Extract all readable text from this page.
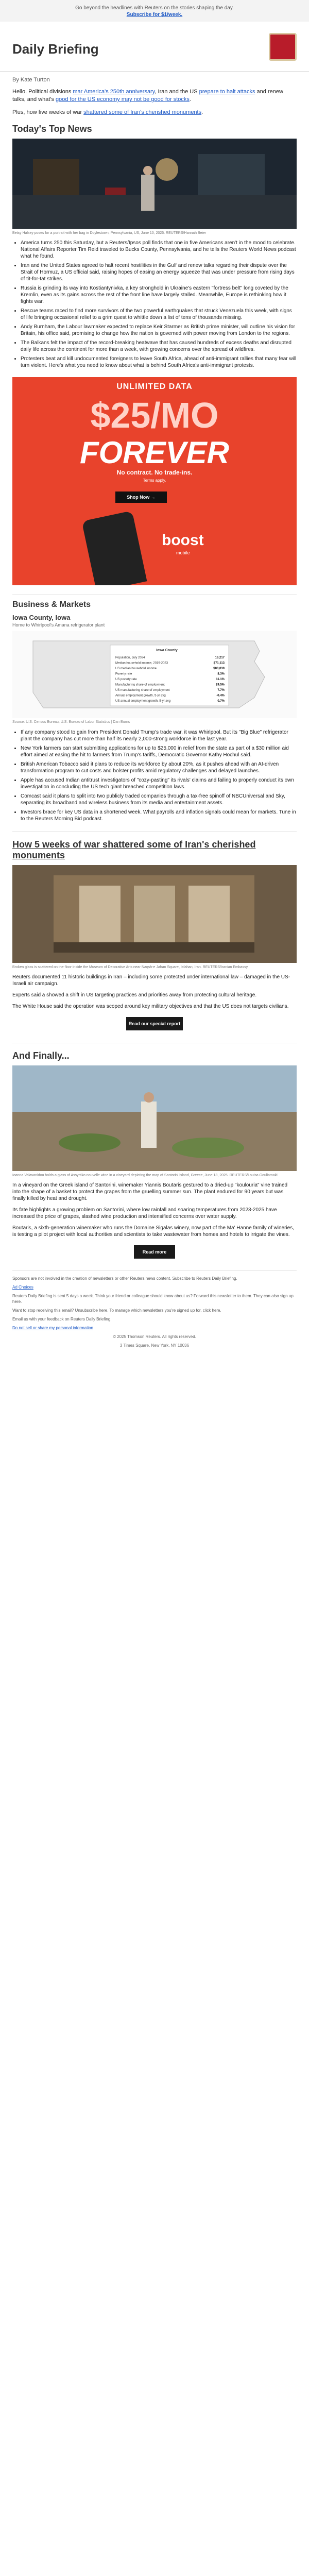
Go beyond the headlines with Reuters on the stories shaping the day.
Subscribe for $1/week.
Daily Briefing
By Kate Turton

Hello. Political divisions mar America's 250th anniversary, Iran and the US prepare to halt attacks and renew talks, and what's good for the US economy may not be good for stocks.

Plus, how five weeks of war shattered some of Iran's cherished monuments.

Today's Top News
Betsy Halsey poses for a portrait with her bag in Doylestown, Pennsylvania, US, June 10, 2025. REUTERS/Hannah Beier
• America turns 250 this Saturday, but a Reuters/Ipsos poll finds that one in five Americans aren't in the mood to celebrate. National Affairs Reporter Tim Reid traveled to Bucks County, Pennsylvania, and he tells the Reuters World News podcast what he found.
• Iran and the United States agreed to halt recent hostilities in the Gulf and renew talks regarding their dispute over the Strait of Hormuz, a US official said, raising hopes of easing an energy squeeze that was under pressure from rising days of tit-for-tat strikes.
• Russia is grinding its way into Kostiantynivka, a key stronghold in Ukraine's eastern "fortress belt" long coveted by the Kremlin, even as its gains across the rest of the front line have largely stalled. Meanwhile, Europe is rethinking how it fights war.
• Rescue teams raced to find more survivors of the two powerful earthquakes that struck Venezuela this week, with signs of life bringing occasional relief to a grim quest to whittle down a list of tens of thousands missing.
• Andy Burnham, the Labour lawmaker expected to replace Keir Starmer as British prime minister, will outline his vision for Britain, his office said, promising to change how the nation is governed with power moving from London to the regions.
• The Balkans felt the impact of the record-breaking heatwave that has caused hundreds of excess deaths and disrupted daily life across the continent for more than a week, with growing concerns over the spread of wildfires.
• Protesters beat and kill undocumented foreigners to leave South Africa, ahead of anti-immigrant rallies that many fear will turn violent. Here's what you need to know about what is behind South Africa's anti-immigrant protests.
UNLIMITED DATA
$25/MO
FOREVER
No contract. No trade-ins.
Terms apply.
Shop Now →
boost
mobile
Business & Markets
Iowa County, Iowa
Home to Whirlpool's Amana refrigerator plant
Iowa County
Population, July 2024	16,217
Median household income, 2019-2023	$71,113
US median household income	$80,030
Poverty rate	8.3%
US poverty rate	11.1%
Manufacturing share of employment	29.5%
US manufacturing share of employment	7.7%
Annual employment growth, 5-yr avg	-0.4%
US annual employment growth, 5-yr avg	0.7%
Source: U.S. Census Bureau, U.S. Bureau of Labor Statistics | Dan Burns
• If any company stood to gain from President Donald Trump's trade war, it was Whirlpool. But its "Big Blue" refrigerator plant the company has cut more than half its nearly 2,000-strong workforce in the last year.
• New York farmers can start submitting applications for up to $25,000 in relief from the state as part of a $30 million aid effort aimed at easing the hit to farmers from Trump's tariffs, Democratic Governor Kathy Hochul said.
• British American Tobacco said it plans to reduce its workforce by about 20%, as it pushes ahead with an AI-driven transformation program to cut costs and bolster profits amid regulatory challenges and delayed launches.
• Apple has accused Indian antitrust investigators of "cozy-pasting" its rivals' claims and failing to properly conduct its own investigation in concluding the US tech giant breached competition laws.
• Comcast said it plans to split into two publicly traded companies through a tax-free spinoff of NBCUniversal and Sky, separating its broadband and wireless business from its media and entertainment assets.
• Investors brace for key US data in a shortened week. What payrolls and inflation signals could mean for markets. Tune in to the Reuters Morning Bid podcast.
How 5 weeks of war shattered some of Iran's cherished monuments
Broken glass is scattered on the floor inside the Museum of Decorative Arts near Naqsh-e Jahan Square, Isfahan, Iran. REUTERS/Iranian Embassy

Reuters documented 11 historic buildings in Iran – including some protected under international law – damaged in the US-Israeli air campaign.

Experts said a showed a shift in US targeting practices and priorities away from protecting cultural heritage.

The White House said the operation was scoped around key military objectives and that the US does not targets civilians.

Read our special report
And Finally...
Ioanna Valavanidou holds a glass of Assyrtiko nouvelle wine in a vineyard depicting the map of Santorini island, Greece, June 18, 2025. REUTERS/Louisa Gouliamaki

In a vineyard on the Greek island of Santorini, winemaker Yiannis Boutaris gestured to a dried-up "koulouria" vine trained into the shape of a basket to protect the grapes from the gruelling summer sun. The plant endured for 90 years but was finally killed by heat and drought.

Its fate highlights a growing problem on Santorini, where low rainfall and soaring temperatures from 2023-2025 have increased the price of grapes, slashed wine production and intensified concerns over water supply.

Boutaris, a sixth-generation winemaker who runs the Domaine Sigalas winery, now part of the Ma' Hanne family of wineries, is testing a pilot project with local authorities and scientists to take wastewater from homes and hotels to irrigate the vines.

Read more

Sponsors are not involved in the creation of newsletters or other Reuters news content. Subscribe to Reuters Daily Briefing.

Ad Choices

Reuters Daily Briefing is sent 5 days a week. Think your friend or colleague should know about us? Forward this newsletter to them. They can also sign up here.

Want to stop receiving this email? Unsubscribe here. To manage which newsletters you're signed up for, click here.

Email us with your feedback on Reuters Daily Briefing.

Do not sell or share my personal information

© 2025 Thomson Reuters. All rights reserved.

3 Times Square, New York, NY 10036
